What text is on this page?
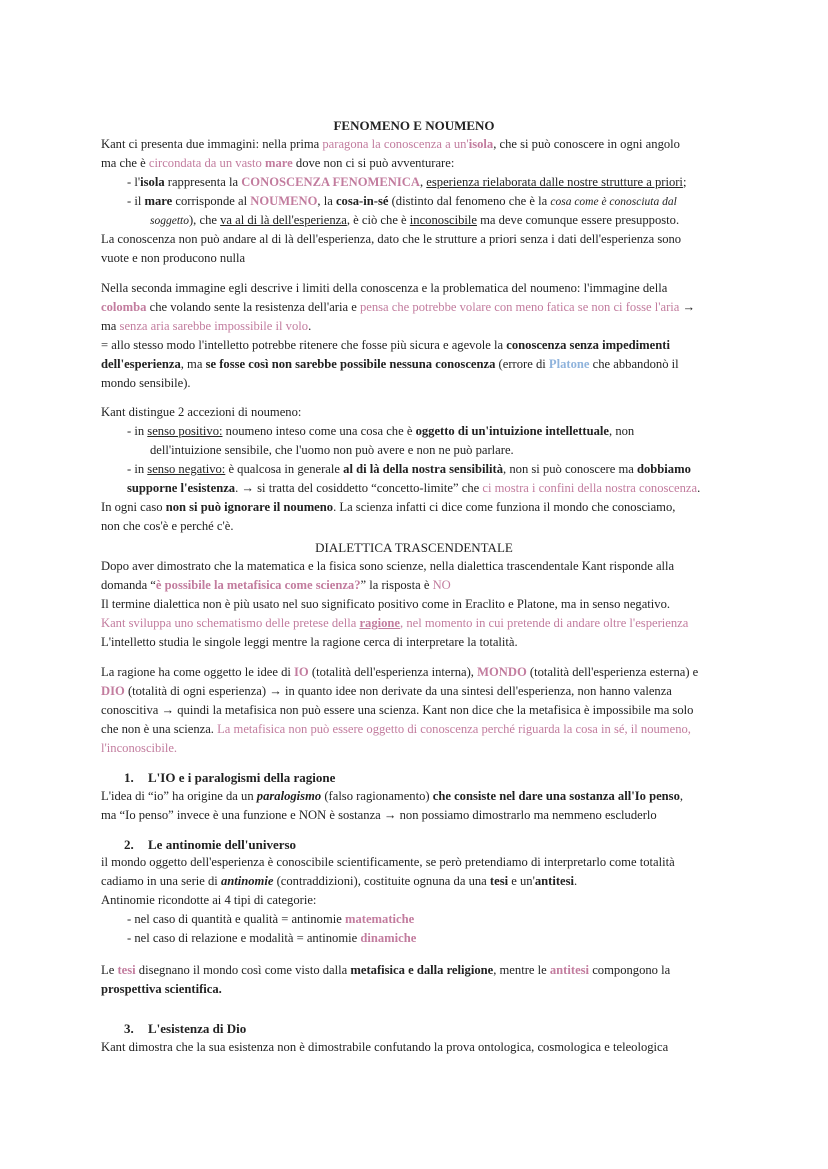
FENOMENO E NOUMENO
Kant ci presenta due immagini: nella prima paragona la conoscenza a un'isola, che si può conoscere in ogni angolo
ma che è circondata da un vasto mare dove non ci si può avventurare:
- l'isola rappresenta la CONOSCENZA FENOMENICA, esperienza rielaborata dalle nostre strutture a priori;
- il mare corrisponde al NOUMENO, la cosa-in-sé (distinto dal fenomeno che è la cosa come è conosciuta dal
soggetto), che va al di là dell'esperienza, è ciò che è inconoscibile ma deve comunque essere presupposto.
La conoscenza non può andare al di là dell'esperienza, dato che le strutture a priori senza i dati dell'esperienza sono
vuote e non producono nulla
Nella seconda immagine egli descrive i limiti della conoscenza e la problematica del noumeno: l'immagine della
colomba che volando sente la resistenza dell'aria e pensa che potrebbe volare con meno fatica se non ci fosse l'aria →
ma senza aria sarebbe impossibile il volo.
= allo stesso modo l'intelletto potrebbe ritenere che fosse più sicura e agevole la conoscenza senza impedimenti
dell'esperienza, ma se fosse così non sarebbe possibile nessuna conoscenza (errore di Platone che abbandonò il
mondo sensibile).
Kant distingue 2 accezioni di noumeno:
- in senso positivo: noumeno inteso come una cosa che è oggetto di un'intuizione intellettuale, non
dell'intuizione sensibile, che l'uomo non può avere e non ne può parlare.
- in senso negativo: è qualcosa in generale al di là della nostra sensibilità, non si può conoscere ma dobbiamo
supporne l'esistenza. → si tratta del cosiddetto “concetto-limite” che ci mostra i confini della nostra conoscenza.
In ogni caso non si può ignorare il noumeno. La scienza infatti ci dice come funziona il mondo che conosciamo,
non che cos'è e perché c'è.
DIALETTICA TRASCENDENTALE
Dopo aver dimostrato che la matematica e la fisica sono scienze, nella dialettica trascendentale Kant risponde alla
domanda “è possibile la metafisica come scienza?” la risposta è NO
Il termine dialettica non è più usato nel suo significato positivo come in Eraclito e Platone, ma in senso negativo.
Kant sviluppa uno schematismo delle pretese della ragione, nel momento in cui pretende di andare oltre l'esperienza
L'intelletto studia le singole leggi mentre la ragione cerca di interpretare la totalità.
La ragione ha come oggetto le idee di IO (totalità dell'esperienza interna), MONDO (totalità dell'esperienza esterna) e
DIO (totalità di ogni esperienza) → in quanto idee non derivate da una sintesi dell'esperienza, non hanno valenza
conoscitiva → quindi la metafisica non può essere una scienza. Kant non dice che la metafisica è impossibile ma solo
che non è una scienza. La metafisica non può essere oggetto di conoscenza perché riguarda la cosa in sé, il noumeno,
l'inconoscibile.
1. L'IO e i paralogismi della ragione
L'idea di “io” ha origine da un paralogismo (falso ragionamento) che consiste nel dare una sostanza all'Io penso,
ma “Io penso” invece è una funzione e NON è sostanza → non possiamo dimostrarlo ma nemmeno escluderlo
2. Le antinomie dell'universo
il mondo oggetto dell'esperienza è conoscibile scientificamente, se però pretendiamo di interpretarlo come totalità
cadiamo in una serie di antinomie (contraddizioni), costituite ognuna da una tesi e un'antitesi.
Antinomie ricondotte ai 4 tipi di categorie:
- nel caso di quantità e qualità = antinomie matematiche
- nel caso di relazione e modalità = antinomie dinamiche
Le tesi disegnano il mondo così come visto dalla metafisica e dalla religione, mentre le antitesi compongono la
prospettiva scientifica.
3. L'esistenza di Dio
Kant dimostra che la sua esistenza non è dimostrabile confutando la prova ontologica, cosmologica e teleologica
